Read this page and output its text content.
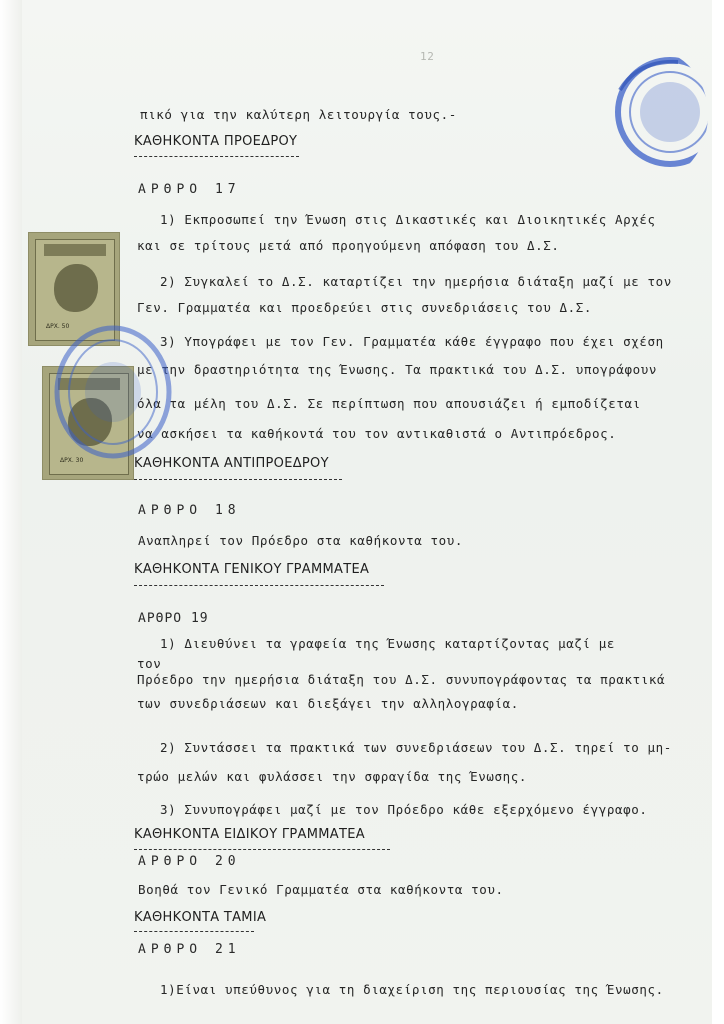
12
πικό για την καλύτερη λειτουργία τους.-
ΚΑΘΗΚΟΝΤΑ ΠΡΟΕΔΡΟΥ
ΑΡΘΡΟ 17
1) Εκπροσωπεί την Ένωση στις Δικαστικές και Διοικητικές Αρχές
και σε τρίτους μετά από προηγούμενη απόφαση του Δ.Σ.
2) Συγκαλεί το Δ.Σ. καταρτίζει την ημερήσια διάταξη μαζί με τον
Γεν. Γραμματέα και προεδρεύει στις συνεδριάσεις του Δ.Σ.
3) Υπογράφει με τον Γεν. Γραμματέα κάθε έγγραφο που έχει σχέση
με την δραστηριότητα της Ένωσης. Τα πρακτικά του Δ.Σ. υπογράφουν
όλα τα μέλη του Δ.Σ. Σε περίπτωση που απουσιάζει ή εμποδίζεται
να ασκήσει τα καθήκοντά του τον αντικαθιστά ο Αντιπρόεδρος.
ΚΑΘΗΚΟΝΤΑ ΑΝΤΙΠΡΟΕΔΡΟΥ
ΑΡΘΡΟ 18
Αναπληρεί τον Πρόεδρο στα καθήκοντα του.
ΚΑΘΗΚΟΝΤΑ ΓΕΝΙΚΟΥ ΓΡΑΜΜΑΤΕΑ
ΑΡΘΡΟ 19
1) Διευθύνει τα γραφεία της Ένωσης καταρτίζοντας μαζί με
τον
Πρόεδρο την ημερήσια διάταξη του Δ.Σ. συνυπογράφοντας τα πρακτικά
των συνεδριάσεων και διεξάγει την αλληλογραφία.
2) Συντάσσει τα πρακτικά των συνεδριάσεων του Δ.Σ. τηρεί το μη-
τρώο μελών και φυλάσσει την σφραγίδα της Ένωσης.
3) Συνυπογράφει μαζί με τον Πρόεδρο κάθε εξερχόμενο έγγραφο.
ΚΑΘΗΚΟΝΤΑ ΕΙΔΙΚΟΥ ΓΡΑΜΜΑΤΕΑ
ΑΡΘΡΟ 20
Βοηθά τον Γενικό Γραμματέα στα καθήκοντα του.
ΚΑΘΗΚΟΝΤΑ ΤΑΜΙΑ
ΑΡΘΡΟ 21
1)Είναι υπεύθυνος για τη διαχείριση της περιουσίας της Ένωσης.
ΔΡΧ. 50
ΔΡΧ. 30
